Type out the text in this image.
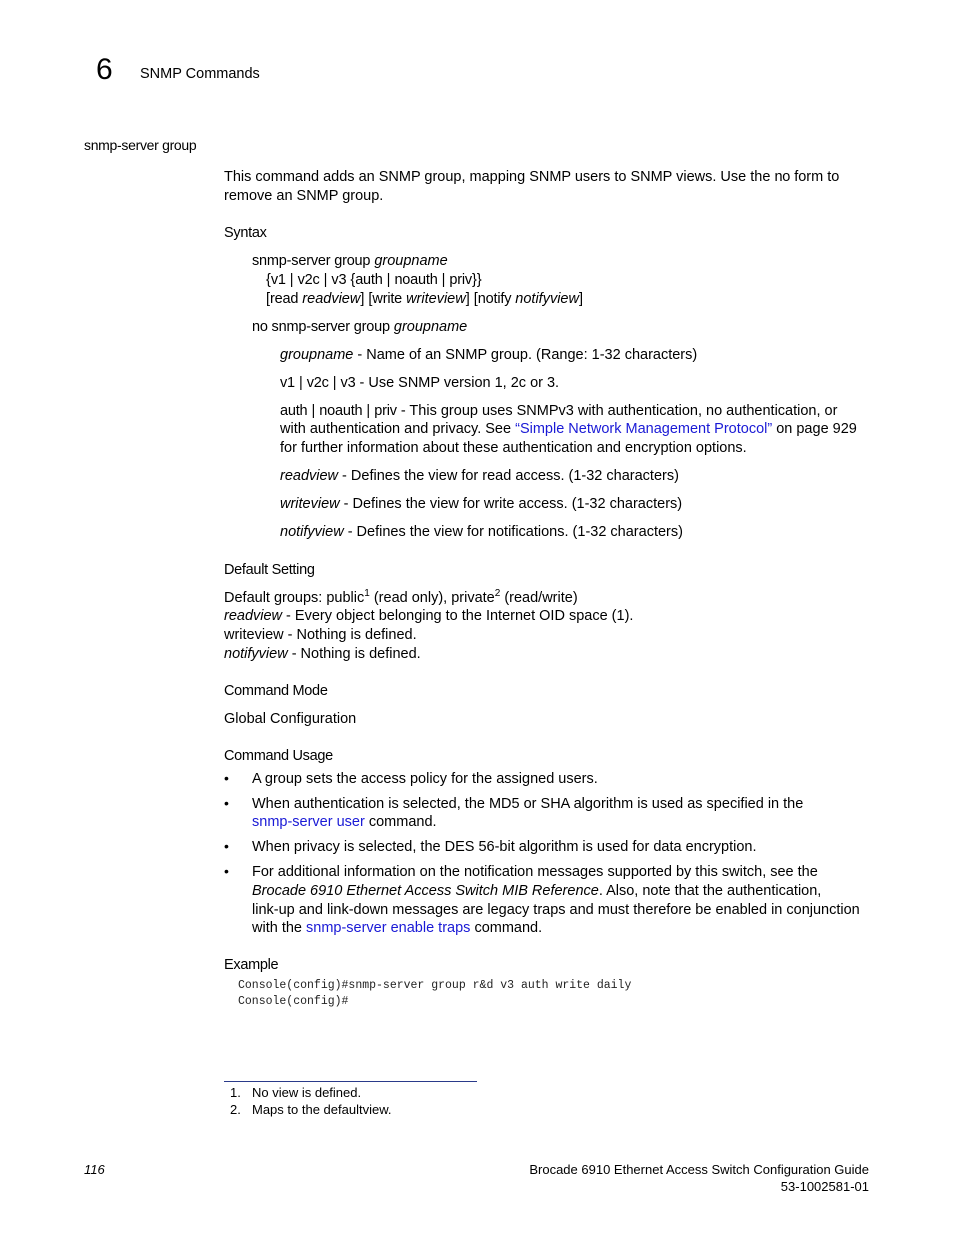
6 SNMP Commands
snmp-server group
This command adds an SNMP group, mapping SNMP users to SNMP views. Use the no form to
remove an SNMP group.
Syntax
snmp-server group groupname
{v1 | v2c | v3 {auth | noauth | priv}}
[read readview] [write writeview] [notify notifyview]
no snmp-server group groupname
groupname - Name of an SNMP group. (Range: 1-32 characters)
v1 | v2c | v3 - Use SNMP version 1, 2c or 3.
auth | noauth | priv - This group uses SNMPv3 with authentication, no authentication, or
with authentication and privacy. See “Simple Network Management Protocol” on page 929
for further information about these authentication and encryption options.
readview - Defines the view for read access. (1-32 characters)
writeview - Defines the view for write access. (1-32 characters)
notifyview - Defines the view for notifications. (1-32 characters)
Default Setting
Default groups: public$^1$ (read only), private$^2$ (read/write)
readview - Every object belonging to the Internet OID space (1).
writeview - Nothing is defined.
notifyview - Nothing is defined.
Command Mode
Global Configuration
Command Usage
• A group sets the access policy for the assigned users.
• When authentication is selected, the MD5 or SHA algorithm is used as specified in the
snmp-server user command.
• When privacy is selected, the DES 56-bit algorithm is used for data encryption.
• For additional information on the notification messages supported by this switch, see the
Brocade 6910 Ethernet Access Switch MIB Reference. Also, note that the authentication,
link-up and link-down messages are legacy traps and must therefore be enabled in conjunction
with the snmp-server enable traps command.
Example
Console(config)#snmp-server group r&d v3 auth write daily
Console(config)#
1. No view is defined.
2. Maps to the defaultview.
116	Brocade 6910 Ethernet Access Switch Configuration Guide
53-1002581-01
